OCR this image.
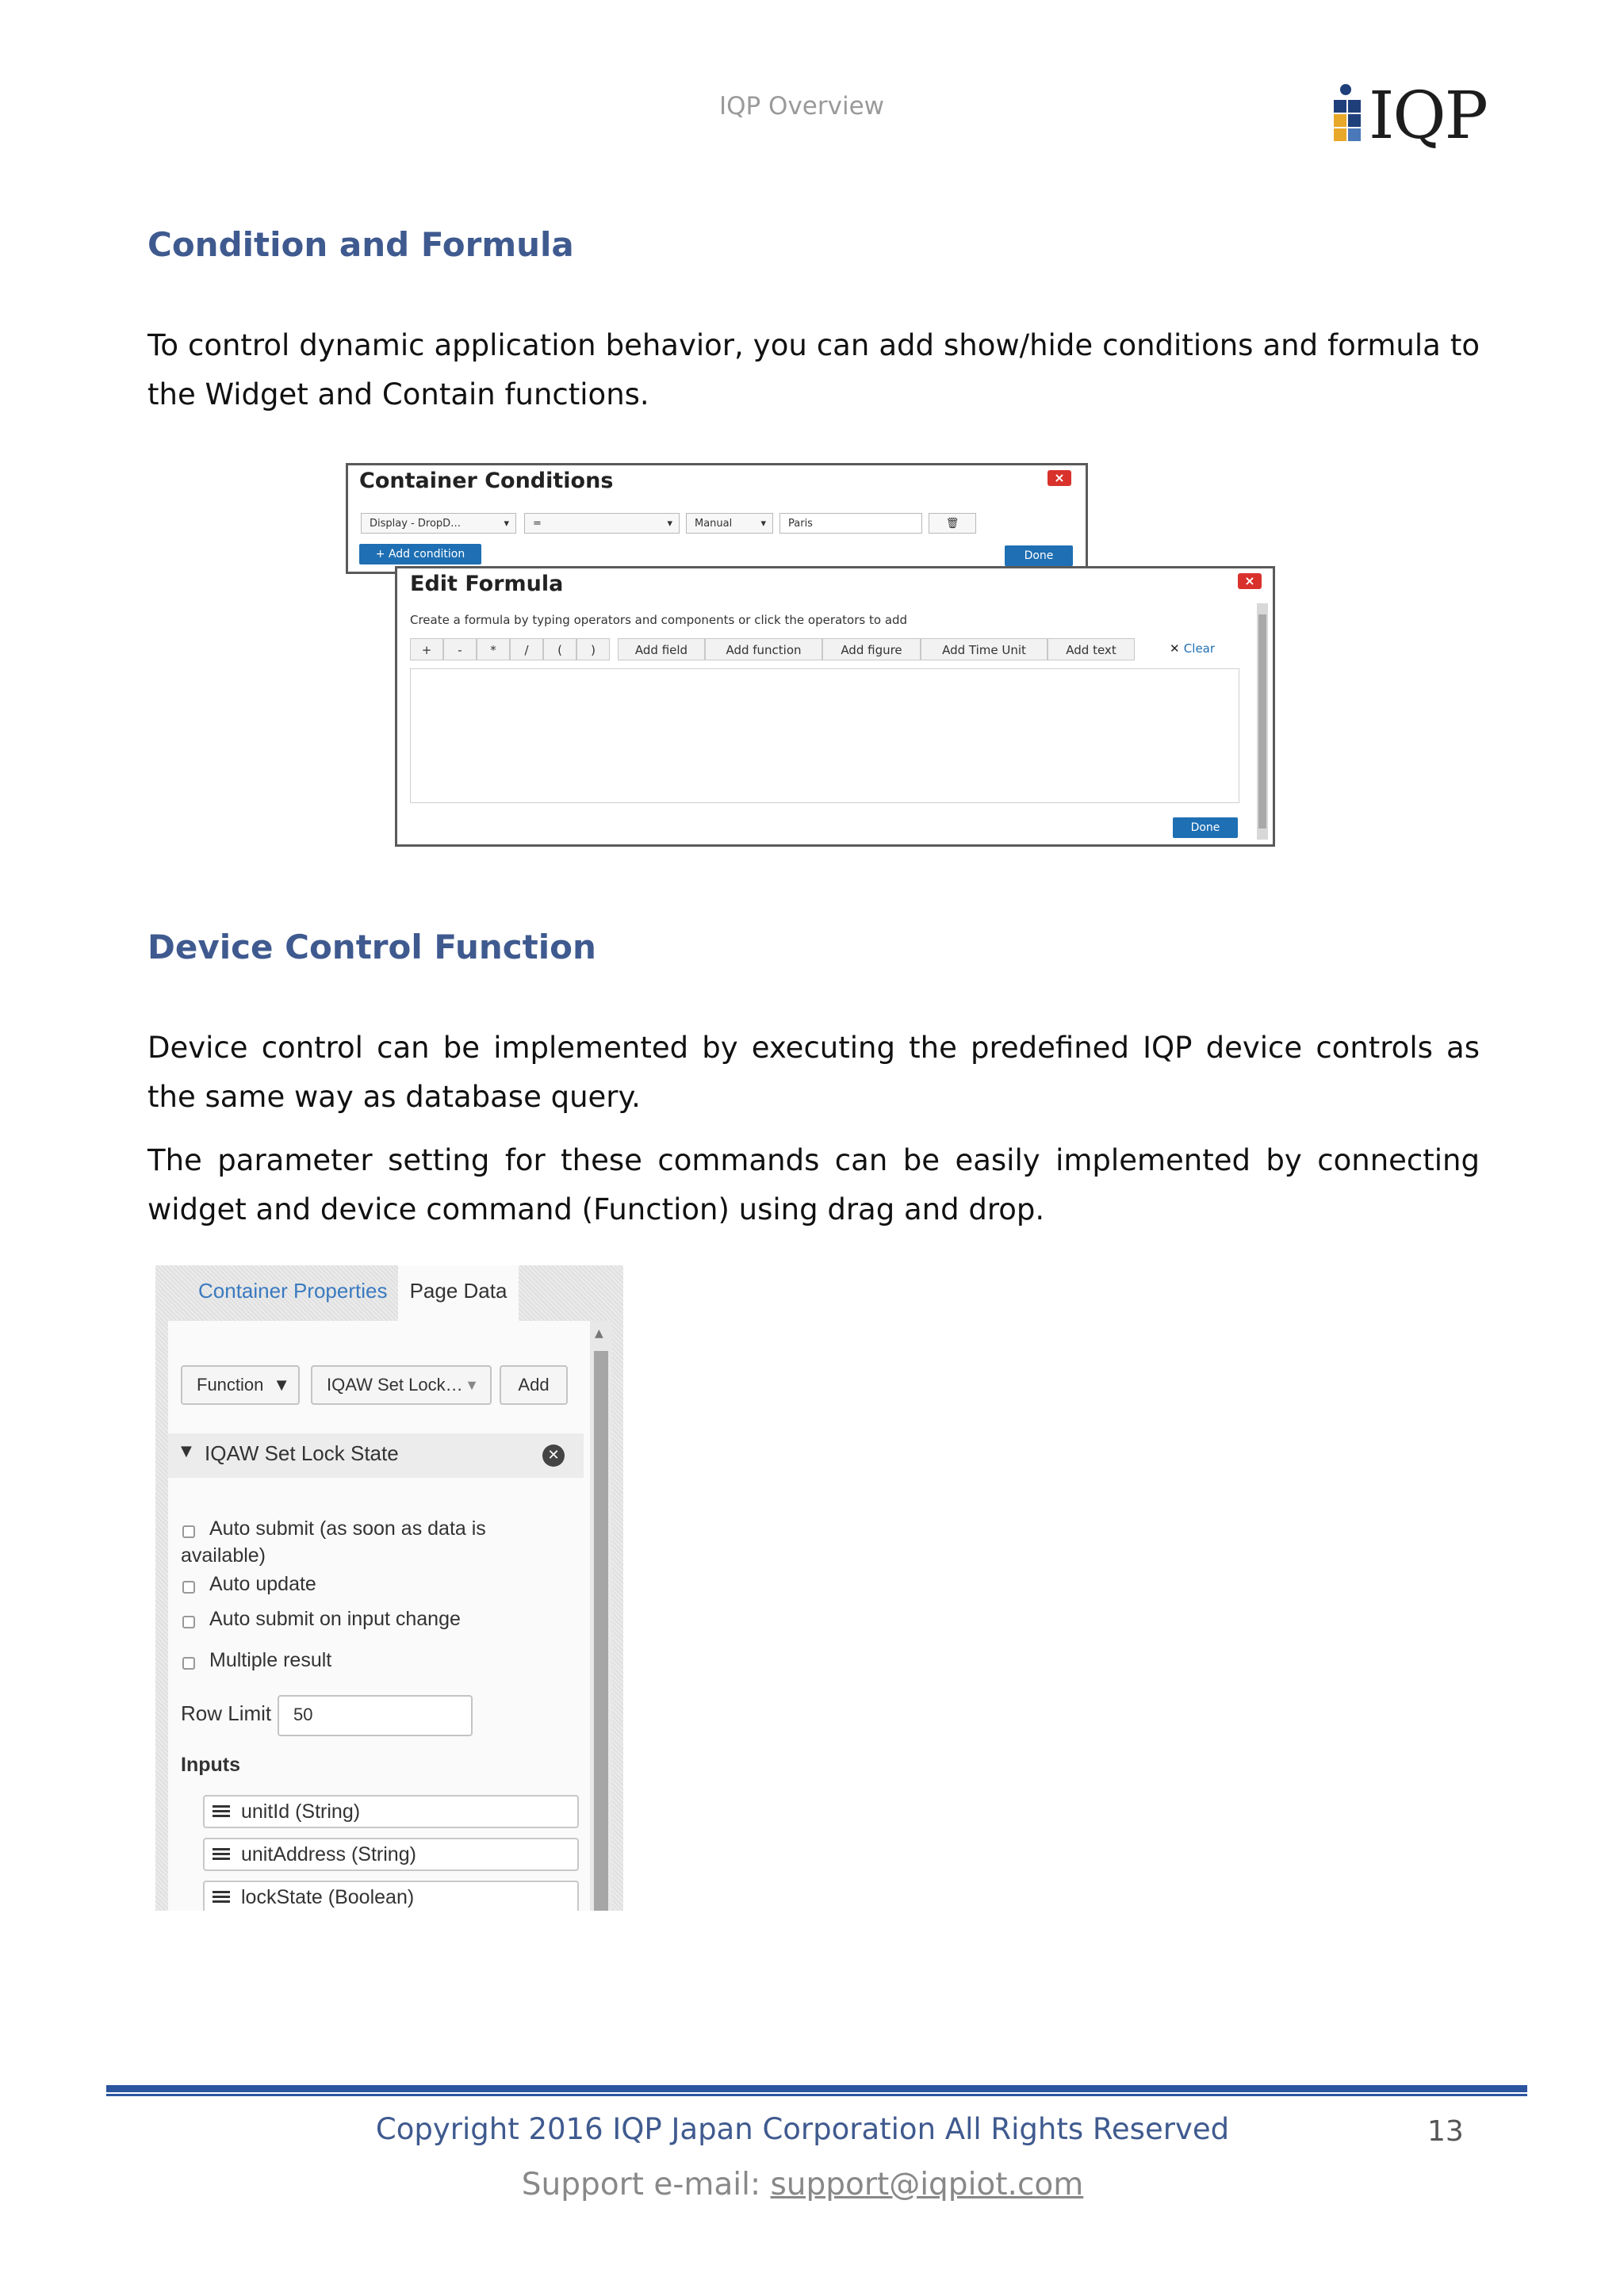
IQP Overview	IQP
Condition and Formula

To control dynamic application behavior, you can add show/hide conditions and formula to the Widget and Contain functions.

Container Conditions	×
Display - DropD…	▾	=	▾	Manual	▾	Paris	🗑
+ Add condition	Done
Edit Formula	×
Create a formula by typing operators and components or click the operators to add
+	-	*	/	(	)	Add field	Add function	Add figure	Add Time Unit	Add text	✕ Clear
Done
Device Control Function

Device control can be implemented by executing the predefined IQP device controls as the same way as database query.

The parameter setting for these commands can be easily implemented by connecting widget and device command (Function) using drag and drop.

Container Properties	Page Data
Function ▼	IQAW Set Lock… ▼	Add
▼ IQAW Set Lock State	✕
Auto submit (as soon as data is
available)
Auto update
Auto submit on input change
Multiple result
Row Limit	50
Inputs
unitId (String)
unitAddress (String)
lockState (Boolean)
▲
Copyright 2016 IQP Japan Corporation All Rights Reserved	13
Support e-mail: support@iqpiot.com
